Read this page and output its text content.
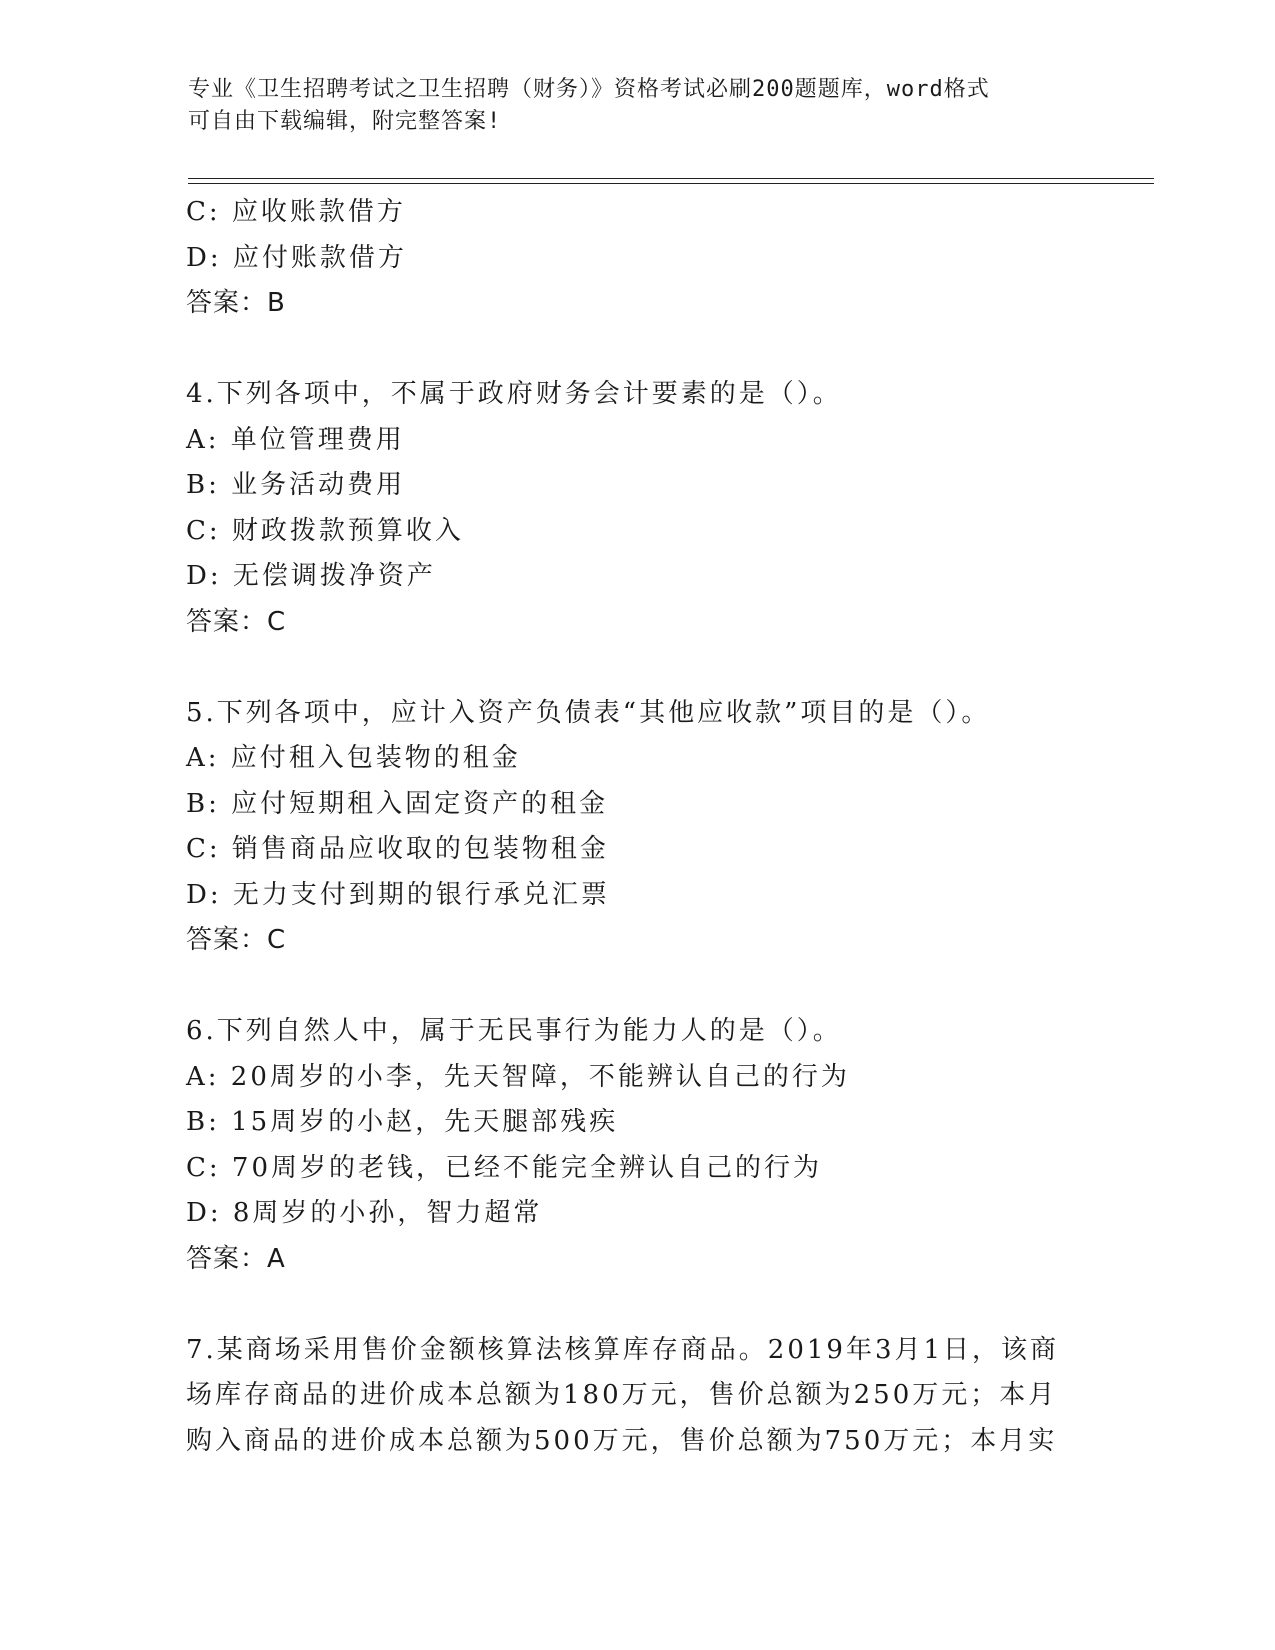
专业《卫生招聘考试之卫生招聘（财务）》资格考试必刷200题题库，word格式
可自由下载编辑，附完整答案!
C: 应收账款借方
D: 应付账款借方
答案：B
4.下列各项中，不属于政府财务会计要素的是（）。
A: 单位管理费用
B: 业务活动费用
C: 财政拨款预算收入
D: 无偿调拨净资产
答案：C
5.下列各项中，应计入资产负债表“其他应收款”项目的是（）。
A: 应付租入包装物的租金
B: 应付短期租入固定资产的租金
C: 销售商品应收取的包装物租金
D: 无力支付到期的银行承兑汇票
答案：C
6.下列自然人中，属于无民事行为能力人的是（）。
A: 20周岁的小李，先天智障，不能辨认自己的行为
B: 15周岁的小赵，先天腿部残疾
C: 70周岁的老钱，已经不能完全辨认自己的行为
D: 8周岁的小孙，智力超常
答案：A
7.某商场采用售价金额核算法核算库存商品。2019年3月1日，该商
场库存商品的进价成本总额为180万元，售价总额为250万元；本月
购入商品的进价成本总额为500万元，售价总额为750万元；本月实
